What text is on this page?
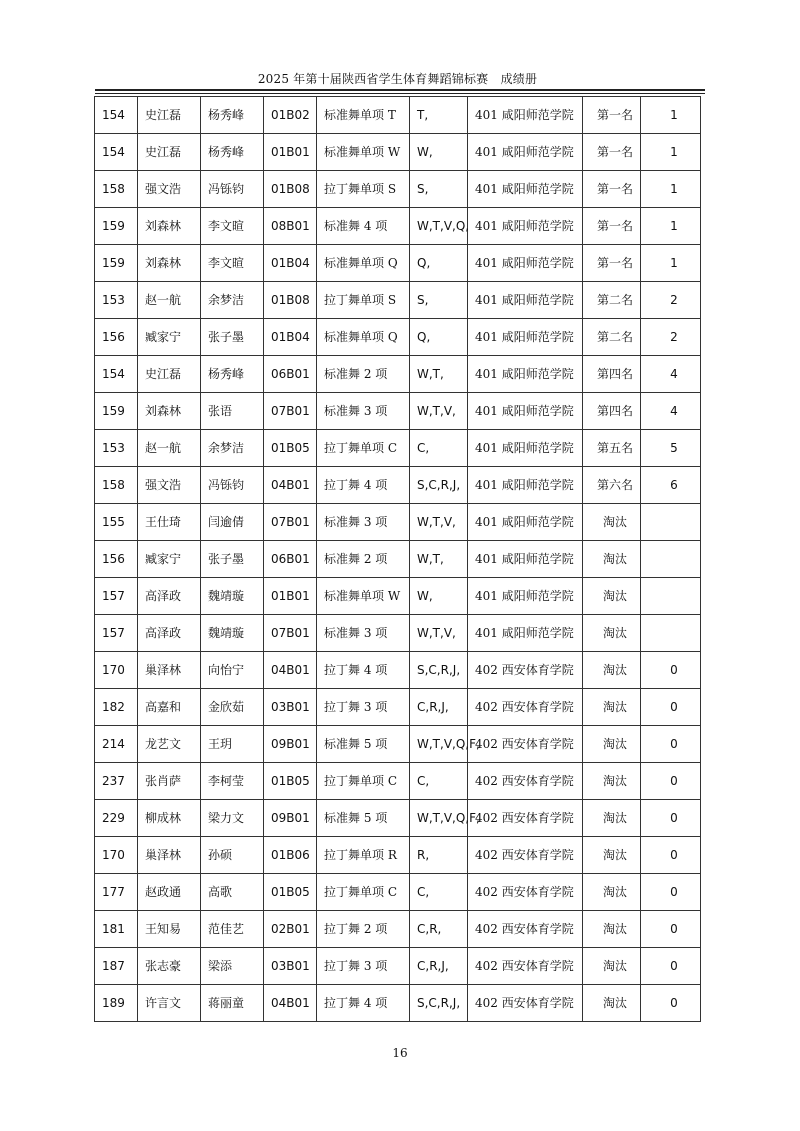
2025 年第十届陕西省学生体育舞蹈锦标赛　成绩册
154	史江磊	杨秀峰	01B02	标准舞单项 T	T,	401 咸阳师范学院	第一名	1
154	史江磊	杨秀峰	01B01	标准舞单项 W	W,	401 咸阳师范学院	第一名	1
158	强文浩	冯铄钧	01B08	拉丁舞单项 S	S,	401 咸阳师范学院	第一名	1
159	刘森林	李文暄	08B01	标准舞 4 项	W,T,V,Q,	401 咸阳师范学院	第一名	1
159	刘森林	李文暄	01B04	标准舞单项 Q	Q,	401 咸阳师范学院	第一名	1
153	赵一航	余梦洁	01B08	拉丁舞单项 S	S,	401 咸阳师范学院	第二名	2
156	臧家宁	张子墨	01B04	标准舞单项 Q	Q,	401 咸阳师范学院	第二名	2
154	史江磊	杨秀峰	06B01	标准舞 2 项	W,T,	401 咸阳师范学院	第四名	4
159	刘森林	张语	07B01	标准舞 3 项	W,T,V,	401 咸阳师范学院	第四名	4
153	赵一航	余梦洁	01B05	拉丁舞单项 C	C,	401 咸阳师范学院	第五名	5
158	强文浩	冯铄钧	04B01	拉丁舞 4 项	S,C,R,J,	401 咸阳师范学院	第六名	6
155	王仕琦	闫逾倩	07B01	标准舞 3 项	W,T,V,	401 咸阳师范学院	淘汰	
156	臧家宁	张子墨	06B01	标准舞 2 项	W,T,	401 咸阳师范学院	淘汰	
157	高泽政	魏靖璇	01B01	标准舞单项 W	W,	401 咸阳师范学院	淘汰	
157	高泽政	魏靖璇	07B01	标准舞 3 项	W,T,V,	401 咸阳师范学院	淘汰	
170	巢泽林	向怡宁	04B01	拉丁舞 4 项	S,C,R,J,	402 西安体育学院	淘汰	0
182	高嘉和	金欣茹	03B01	拉丁舞 3 项	C,R,J,	402 西安体育学院	淘汰	0
214	龙艺文	王玥	09B01	标准舞 5 项	W,T,V,Q,F,	402 西安体育学院	淘汰	0
237	张肖萨	李柯莹	01B05	拉丁舞单项 C	C,	402 西安体育学院	淘汰	0
229	柳成林	梁力文	09B01	标准舞 5 项	W,T,V,Q,F,	402 西安体育学院	淘汰	0
170	巢泽林	孙硕	01B06	拉丁舞单项 R	R,	402 西安体育学院	淘汰	0
177	赵政通	高歌	01B05	拉丁舞单项 C	C,	402 西安体育学院	淘汰	0
181	王知易	范佳艺	02B01	拉丁舞 2 项	C,R,	402 西安体育学院	淘汰	0
187	张志豪	梁添	03B01	拉丁舞 3 项	C,R,J,	402 西安体育学院	淘汰	0
189	许言文	蒋丽童	04B01	拉丁舞 4 项	S,C,R,J,	402 西安体育学院	淘汰	0
16
